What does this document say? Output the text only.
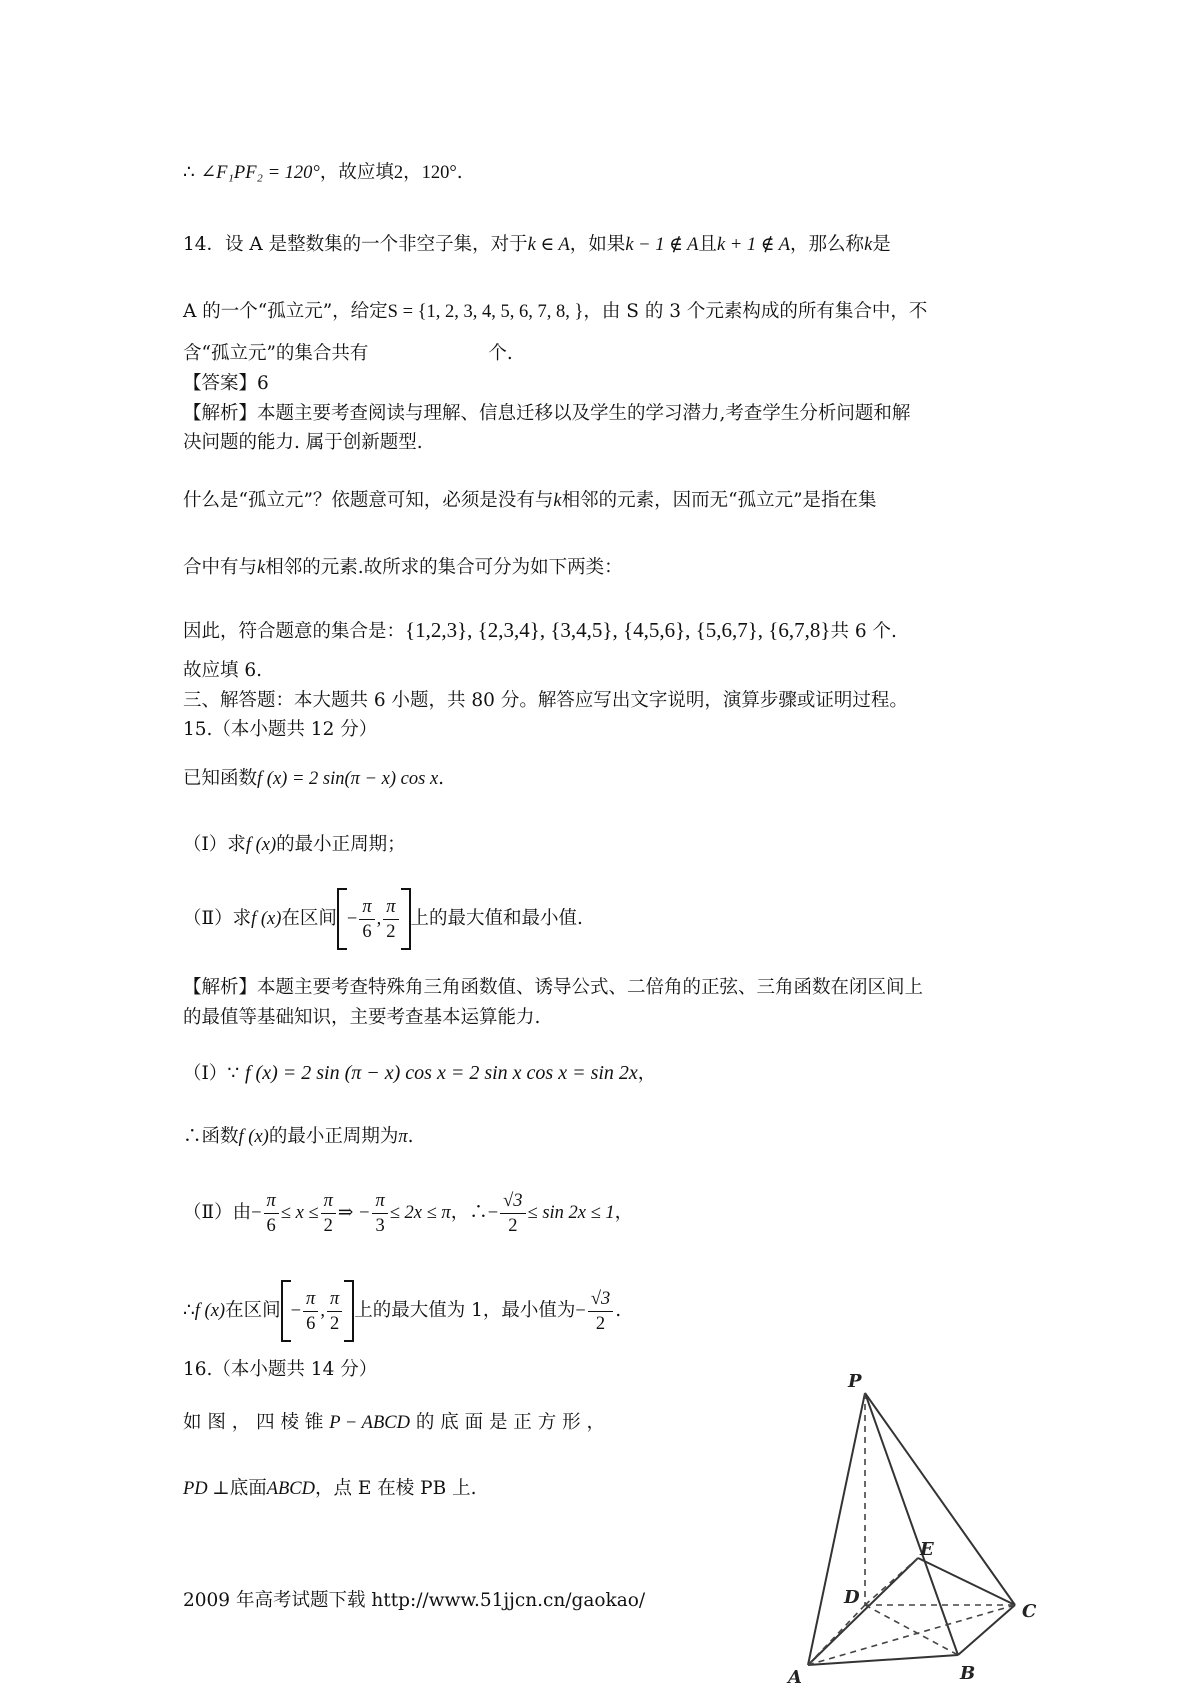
∴ ∠F₁PF₂ = 120°，故应填2，120°.
14．设 A 是整数集的一个非空子集，对于k ∈ A，如果k − 1 ∉ A且k + 1 ∉ A，那么称k是
A 的一个“孤立元”，给定S = {1, 2, 3, 4, 5, 6, 7, 8, }，由 S 的 3 个元素构成的所有集合中，不
含“孤立元”的集合共有	个.
【答案】6
【解析】本题主要考查阅读与理解、信息迁移以及学生的学习潜力,考查学生分析问题和解
决问题的能力. 属于创新题型.
什么是“孤立元”？依题意可知，必须是没有与k相邻的元素，因而无“孤立元”是指在集
合中有与k相邻的元素.故所求的集合可分为如下两类：
因此，符合题意的集合是：{1,2,3}, {2,3,4}, {3,4,5}, {4,5,6}, {5,6,7}, {6,7,8}共 6 个.
故应填 6.
三、解答题：本大题共 6 小题，共 80 分。解答应写出文字说明，演算步骤或证明过程。
15.（本小题共 12 分）
已知函数f (x) = 2 sin(π − x) cos x.
（Ⅰ）求f (x)的最小正周期；
（Ⅱ）求f (x)在区间 − $\frac{\pi}{6}$ , $\frac{\pi}{2}$ 上的最大值和最小值.
【解析】本题主要考查特殊角三角函数值、诱导公式、二倍角的正弦、三角函数在闭区间上
的最值等基础知识，主要考查基本运算能力.
（Ⅰ）∵ f (x) = 2 sin (π − x) cos x = 2 sin x cos x = sin 2x，
∴函数f (x)的最小正周期为π.
（Ⅱ）由− $\frac{\pi}{6} \le x \le \frac{\pi}{2}$ ⇒ − $\frac{\pi}{3} \le 2x \le \pi$，∴− $\frac{√3}{2} \le \sin 2x \le 1$，
∴f (x)在区间 − $\frac{\pi}{6}$ , $\frac{\pi}{2}$ 上的最大值为 1，最小值为− $\frac{√3}{2}$ .
16.（本小题共 14 分）
如 图 ， 四 棱 锥 P − ABCD 的 底 面 是 正 方 形 ，
PD ⊥底面ABCD，点 E 在棱 PB 上.
2009 年高考试题下载 http://www.51jjcn.cn/gaokao/
P
E
D
C
A	B
